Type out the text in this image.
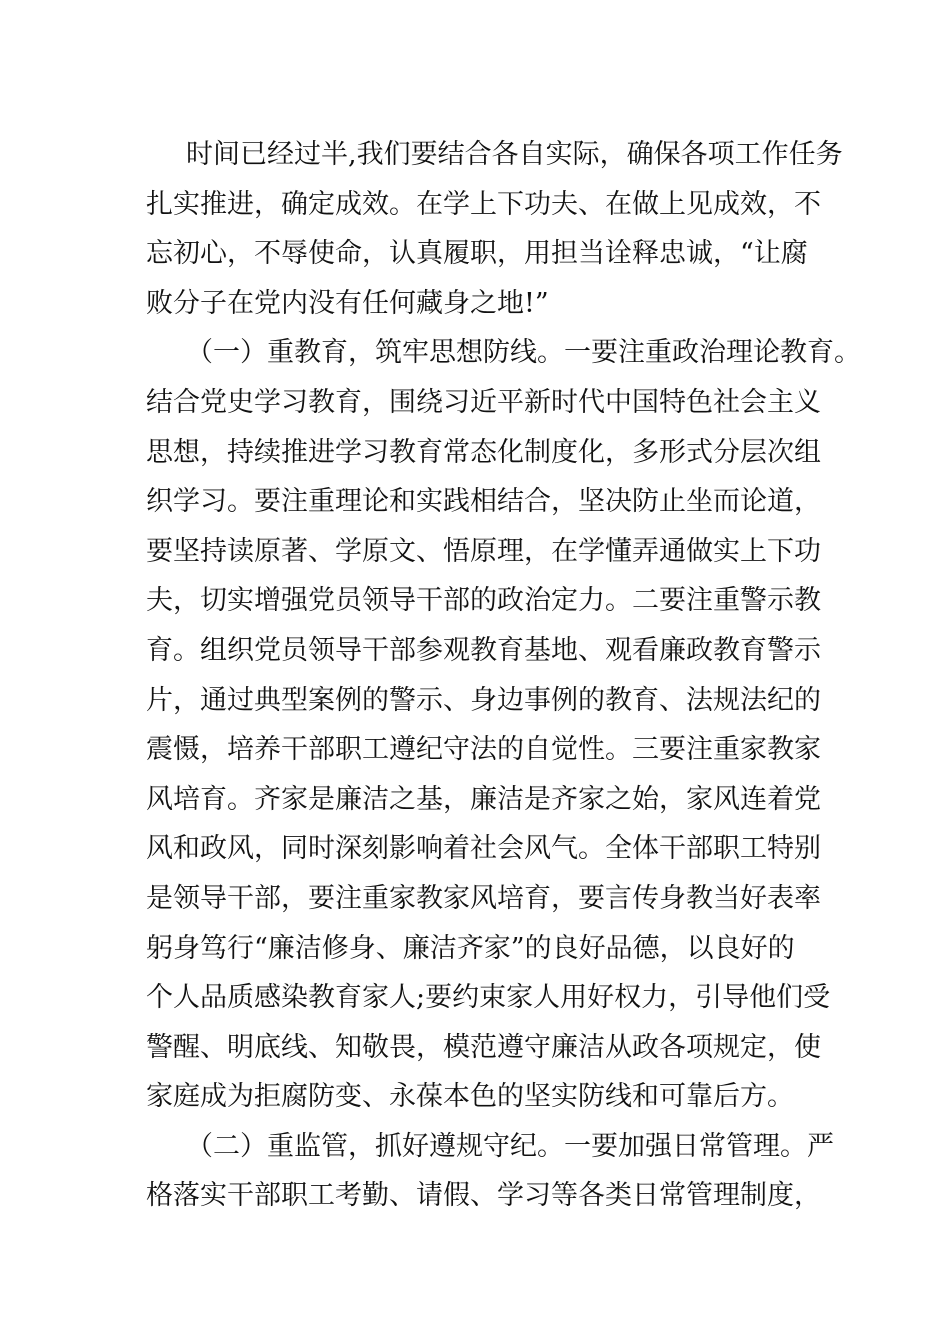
时间已经过半,我们要结合各自实际，确保各项工作任务
扎实推进，确定成效。在学上下功夫、在做上见成效，不
忘初心，不辱使命，认真履职，用担当诠释忠诚，“让腐
败分子在党内没有任何藏身之地!”
（一）重教育，筑牢思想防线。一要注重政治理论教育。
结合党史学习教育，围绕习近平新时代中国特色社会主义
思想，持续推进学习教育常态化制度化，多形式分层次组
织学习。要注重理论和实践相结合，坚决防止坐而论道，
要坚持读原著、学原文、悟原理，在学懂弄通做实上下功
夫，切实增强党员领导干部的政治定力。二要注重警示教
育。组织党员领导干部参观教育基地、观看廉政教育警示
片，通过典型案例的警示、身边事例的教育、法规法纪的
震慑，培养干部职工遵纪守法的自觉性。三要注重家教家
风培育。齐家是廉洁之基，廉洁是齐家之始，家风连着党
风和政风，同时深刻影响着社会风气。全体干部职工特别
是领导干部，要注重家教家风培育，要言传身教当好表率
躬身笃行“廉洁修身、廉洁齐家”的良好品德，以良好的
个人品质感染教育家人;要约束家人用好权力，引导他们受
警醒、明底线、知敬畏，模范遵守廉洁从政各项规定，使
家庭成为拒腐防变、永葆本色的坚实防线和可靠后方。
（二）重监管，抓好遵规守纪。一要加强日常管理。严
格落实干部职工考勤、请假、学习等各类日常管理制度，
